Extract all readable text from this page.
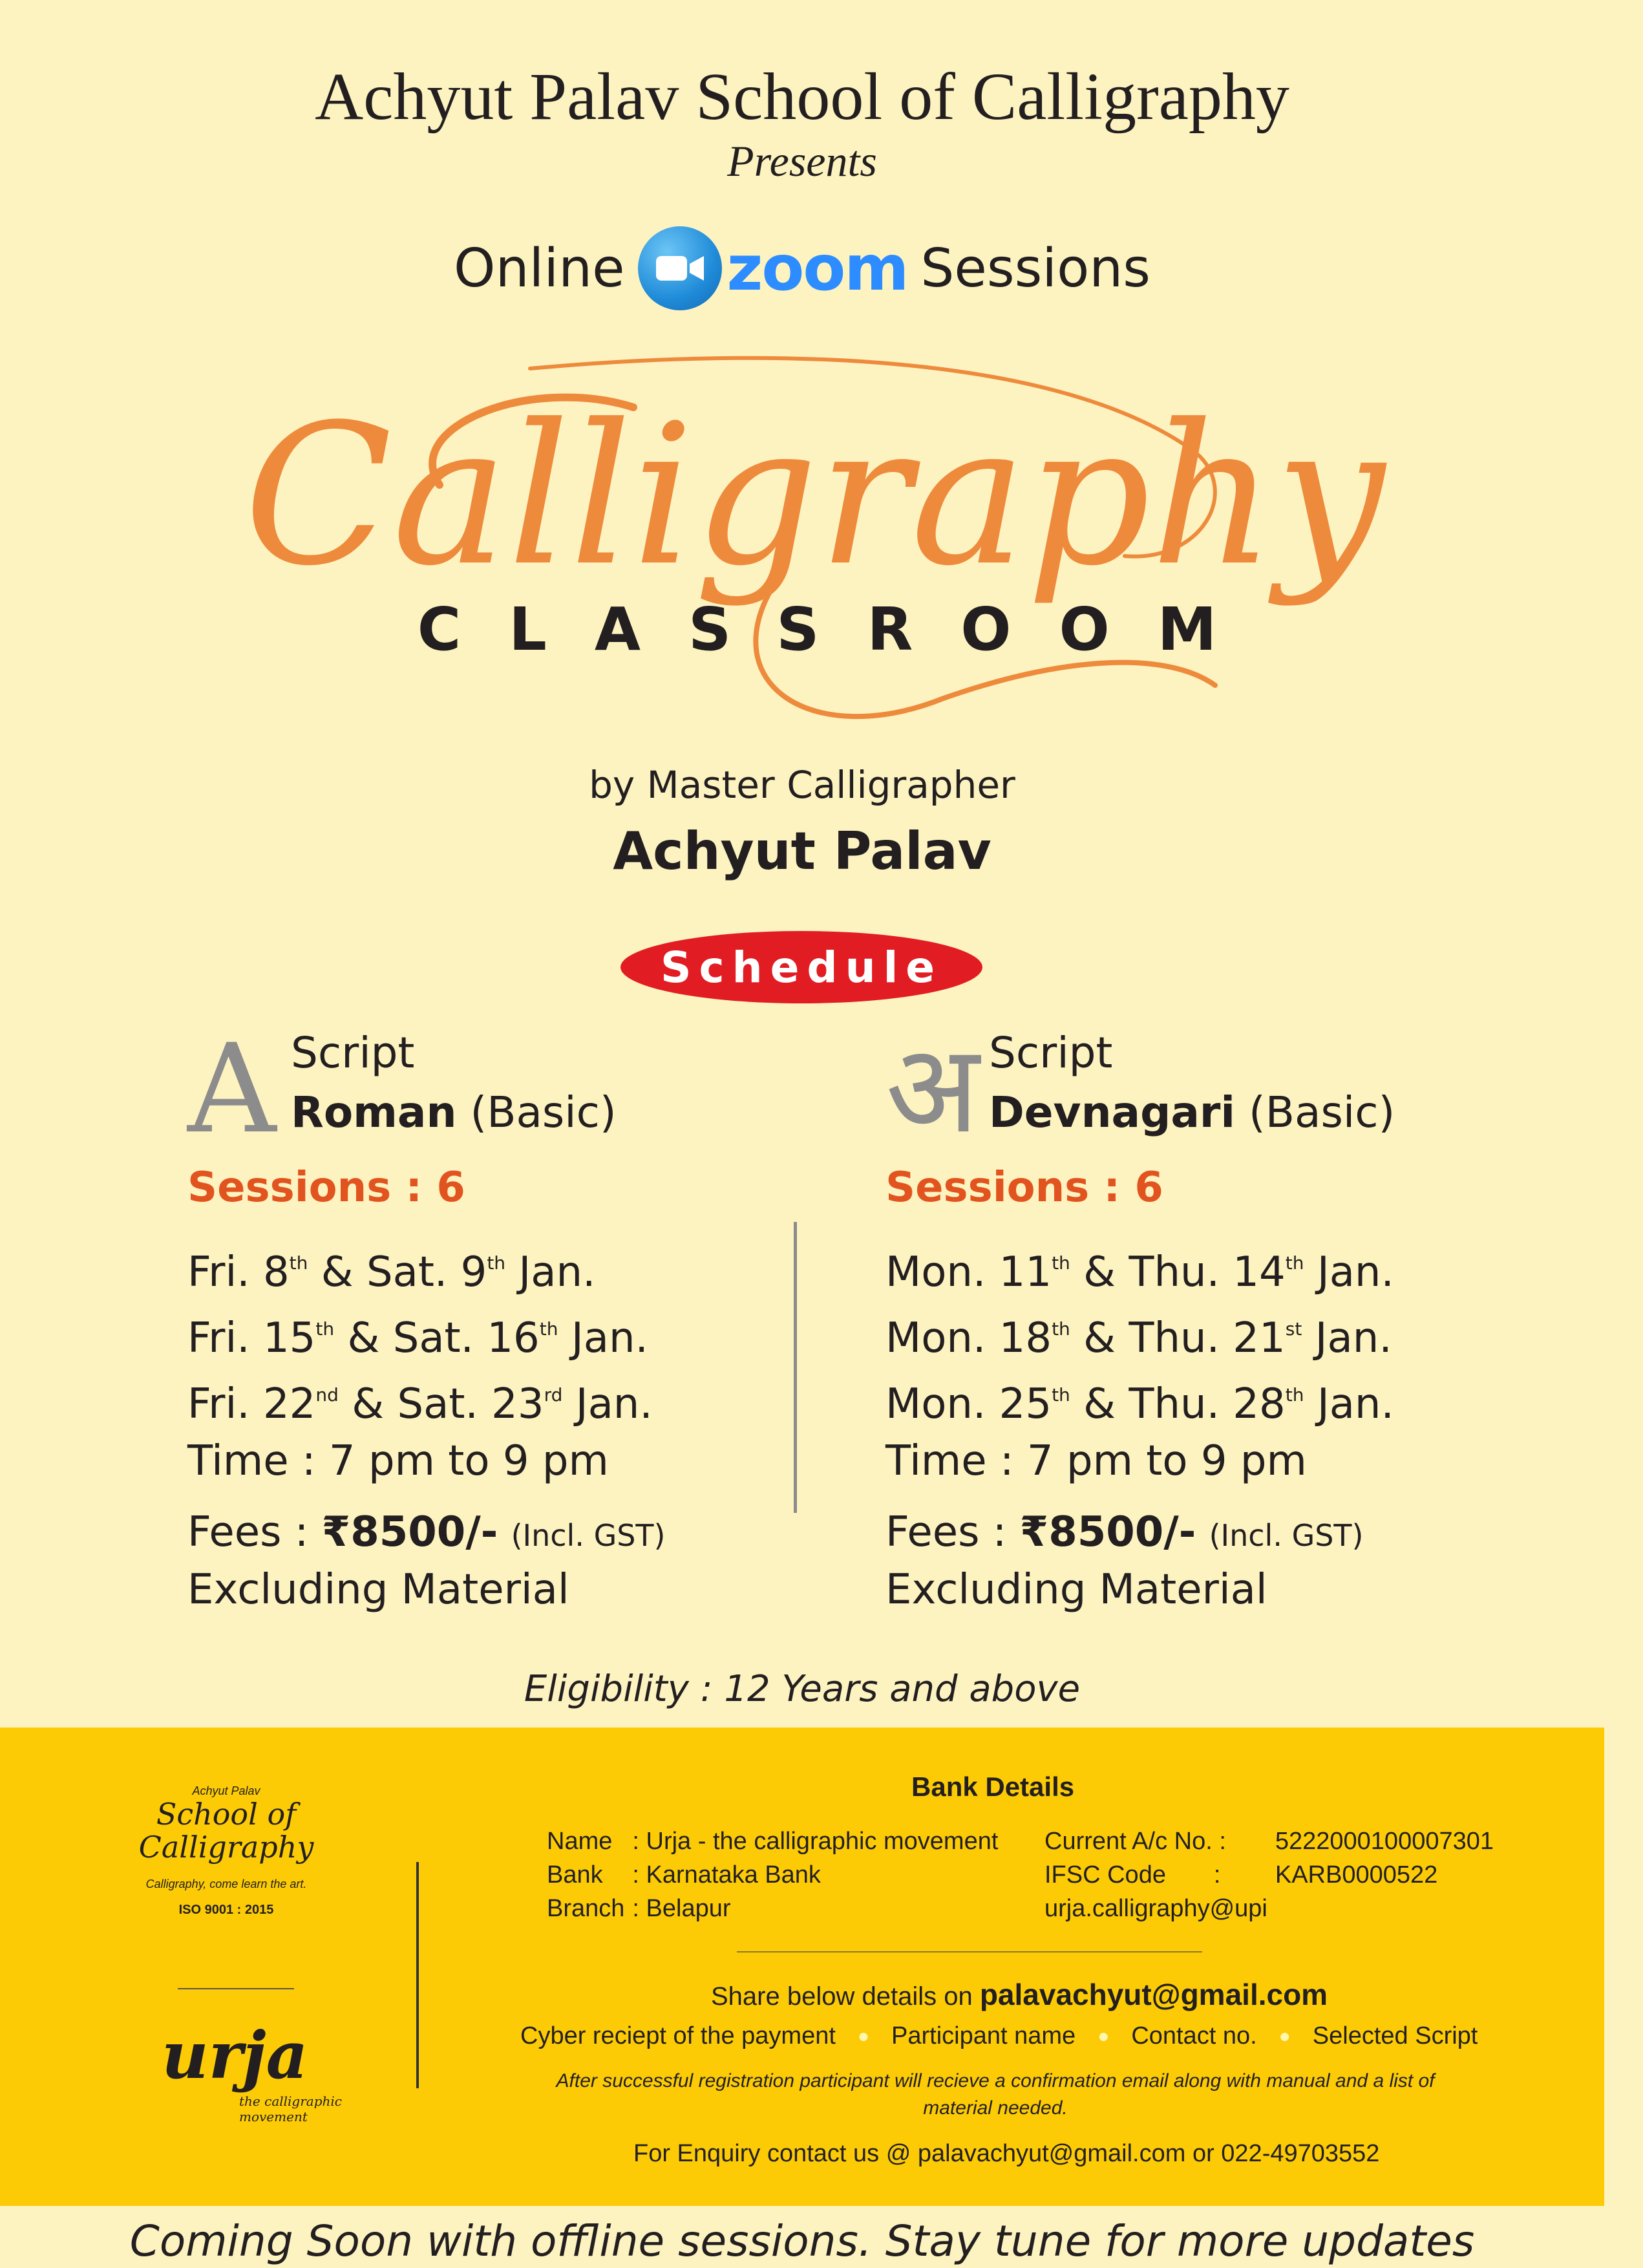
Achyut Palav School of Calligraphy
Presents
Online zoom Sessions
Calligraphy
CLASSROOM
by Master Calligrapher
Achyut Palav
Schedule
A Script
Roman (Basic)
Sessions : 6
Fri. 8th & Sat. 9th Jan.
Fri. 15th & Sat. 16th Jan.
Fri. 22nd & Sat. 23rd Jan.
Time : 7 pm to 9 pm
Fees : ₹8500/- (Incl. GST)
Excluding Material
अ Script
Devnagari (Basic)
Sessions : 6
Mon. 11th & Thu. 14th Jan.
Mon. 18th & Thu. 21st Jan.
Mon. 25th & Thu. 28th Jan.
Time : 7 pm to 9 pm
Fees : ₹8500/- (Incl. GST)
Excluding Material
Eligibility : 12 Years and above
Achyut Palav
School of Calligraphy
Calligraphy, come learn the art.
ISO 9001 : 2015
urja
the calligraphic movement
Bank Details
Name	: Urja - the calligraphic movement
Bank	: Karnataka Bank
Branch	: Belapur
Current A/c No. :	5222000100007301
IFSC Code       :	KARB0000522
urja.calligraphy@upi	
Share below details on palavachyut@gmail.com
Cyber reciept of the payment ● Participant name ● Contact no. ● Selected Script
After successful registration participant will recieve a confirmation email along with manual and a list of material needed.
For Enquiry contact us @ palavachyut@gmail.com or 022-49703552
Coming Soon with offline sessions. Stay tune for more updates
